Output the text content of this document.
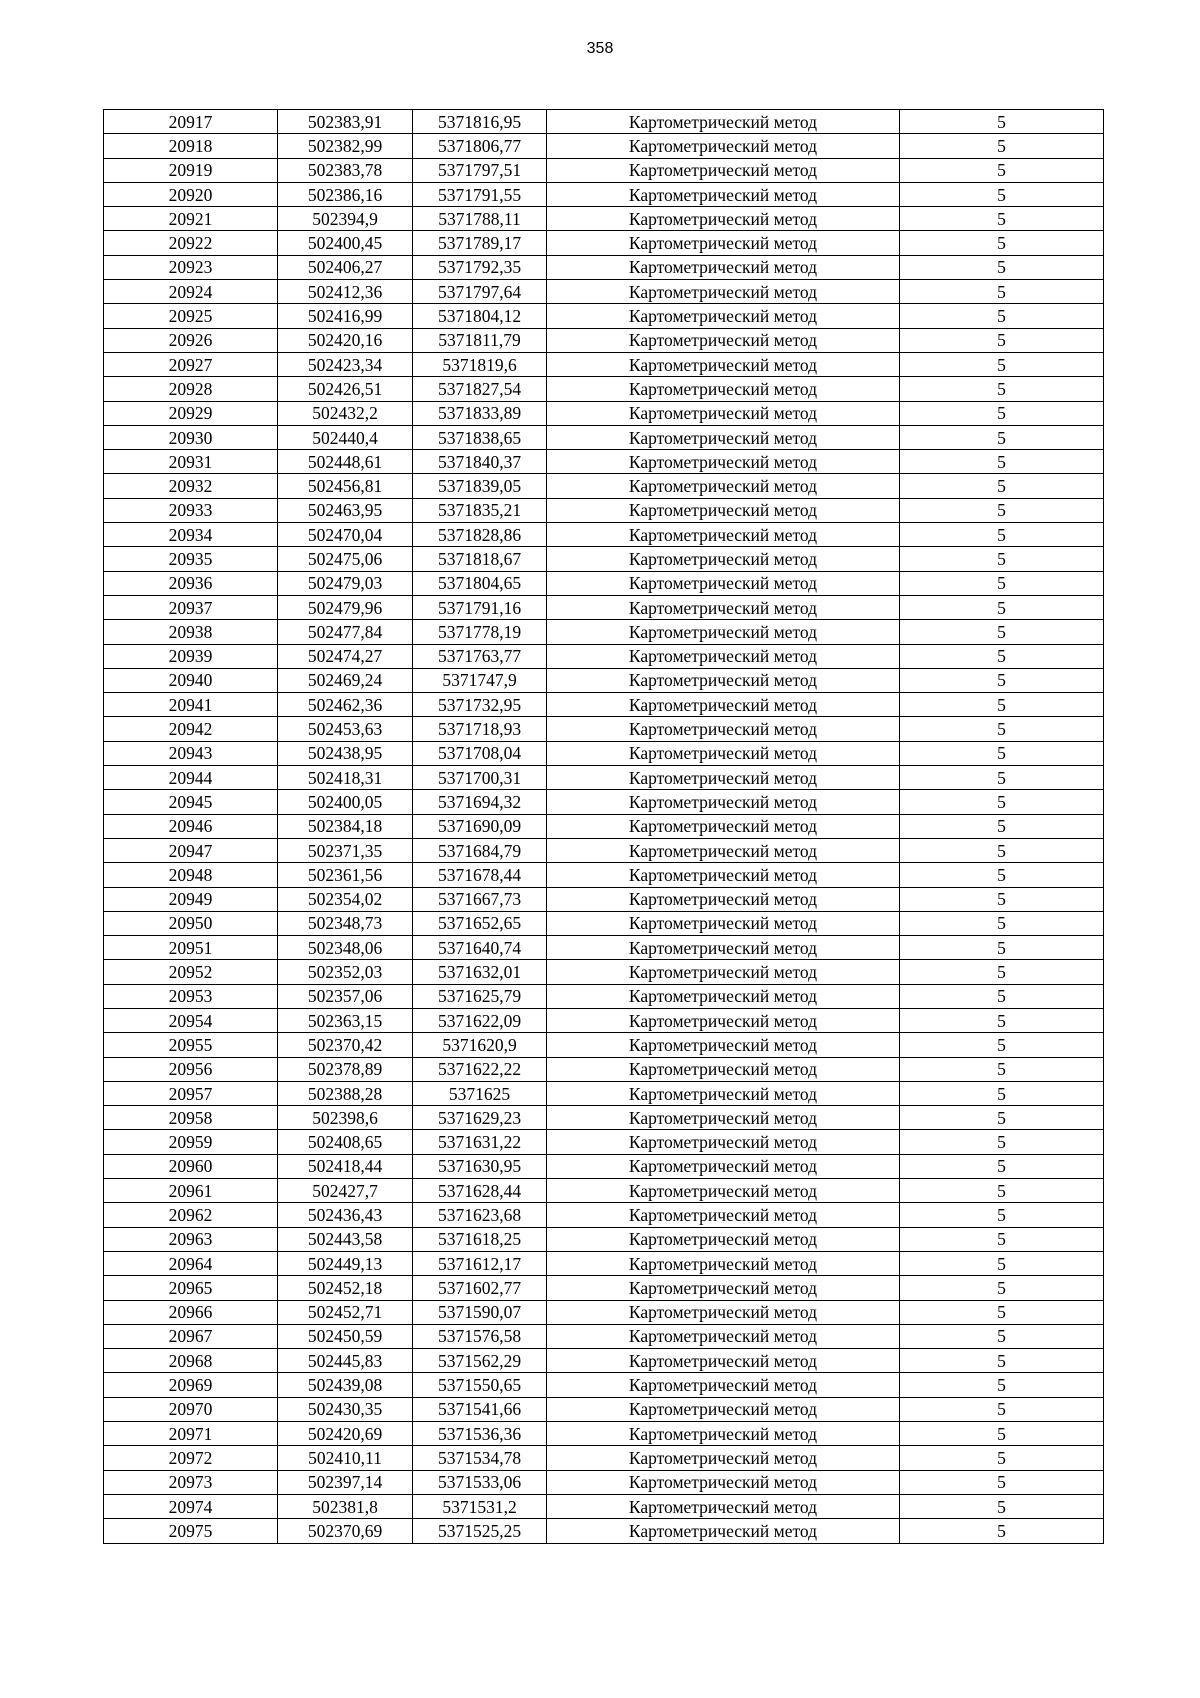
358
20917	502383,91	5371816,95	Картометрический метод	5
20918	502382,99	5371806,77	Картометрический метод	5
20919	502383,78	5371797,51	Картометрический метод	5
20920	502386,16	5371791,55	Картометрический метод	5
20921	502394,9	5371788,11	Картометрический метод	5
20922	502400,45	5371789,17	Картометрический метод	5
20923	502406,27	5371792,35	Картометрический метод	5
20924	502412,36	5371797,64	Картометрический метод	5
20925	502416,99	5371804,12	Картометрический метод	5
20926	502420,16	5371811,79	Картометрический метод	5
20927	502423,34	5371819,6	Картометрический метод	5
20928	502426,51	5371827,54	Картометрический метод	5
20929	502432,2	5371833,89	Картометрический метод	5
20930	502440,4	5371838,65	Картометрический метод	5
20931	502448,61	5371840,37	Картометрический метод	5
20932	502456,81	5371839,05	Картометрический метод	5
20933	502463,95	5371835,21	Картометрический метод	5
20934	502470,04	5371828,86	Картометрический метод	5
20935	502475,06	5371818,67	Картометрический метод	5
20936	502479,03	5371804,65	Картометрический метод	5
20937	502479,96	5371791,16	Картометрический метод	5
20938	502477,84	5371778,19	Картометрический метод	5
20939	502474,27	5371763,77	Картометрический метод	5
20940	502469,24	5371747,9	Картометрический метод	5
20941	502462,36	5371732,95	Картометрический метод	5
20942	502453,63	5371718,93	Картометрический метод	5
20943	502438,95	5371708,04	Картометрический метод	5
20944	502418,31	5371700,31	Картометрический метод	5
20945	502400,05	5371694,32	Картометрический метод	5
20946	502384,18	5371690,09	Картометрический метод	5
20947	502371,35	5371684,79	Картометрический метод	5
20948	502361,56	5371678,44	Картометрический метод	5
20949	502354,02	5371667,73	Картометрический метод	5
20950	502348,73	5371652,65	Картометрический метод	5
20951	502348,06	5371640,74	Картометрический метод	5
20952	502352,03	5371632,01	Картометрический метод	5
20953	502357,06	5371625,79	Картометрический метод	5
20954	502363,15	5371622,09	Картометрический метод	5
20955	502370,42	5371620,9	Картометрический метод	5
20956	502378,89	5371622,22	Картометрический метод	5
20957	502388,28	5371625	Картометрический метод	5
20958	502398,6	5371629,23	Картометрический метод	5
20959	502408,65	5371631,22	Картометрический метод	5
20960	502418,44	5371630,95	Картометрический метод	5
20961	502427,7	5371628,44	Картометрический метод	5
20962	502436,43	5371623,68	Картометрический метод	5
20963	502443,58	5371618,25	Картометрический метод	5
20964	502449,13	5371612,17	Картометрический метод	5
20965	502452,18	5371602,77	Картометрический метод	5
20966	502452,71	5371590,07	Картометрический метод	5
20967	502450,59	5371576,58	Картометрический метод	5
20968	502445,83	5371562,29	Картометрический метод	5
20969	502439,08	5371550,65	Картометрический метод	5
20970	502430,35	5371541,66	Картометрический метод	5
20971	502420,69	5371536,36	Картометрический метод	5
20972	502410,11	5371534,78	Картометрический метод	5
20973	502397,14	5371533,06	Картометрический метод	5
20974	502381,8	5371531,2	Картометрический метод	5
20975	502370,69	5371525,25	Картометрический метод	5
